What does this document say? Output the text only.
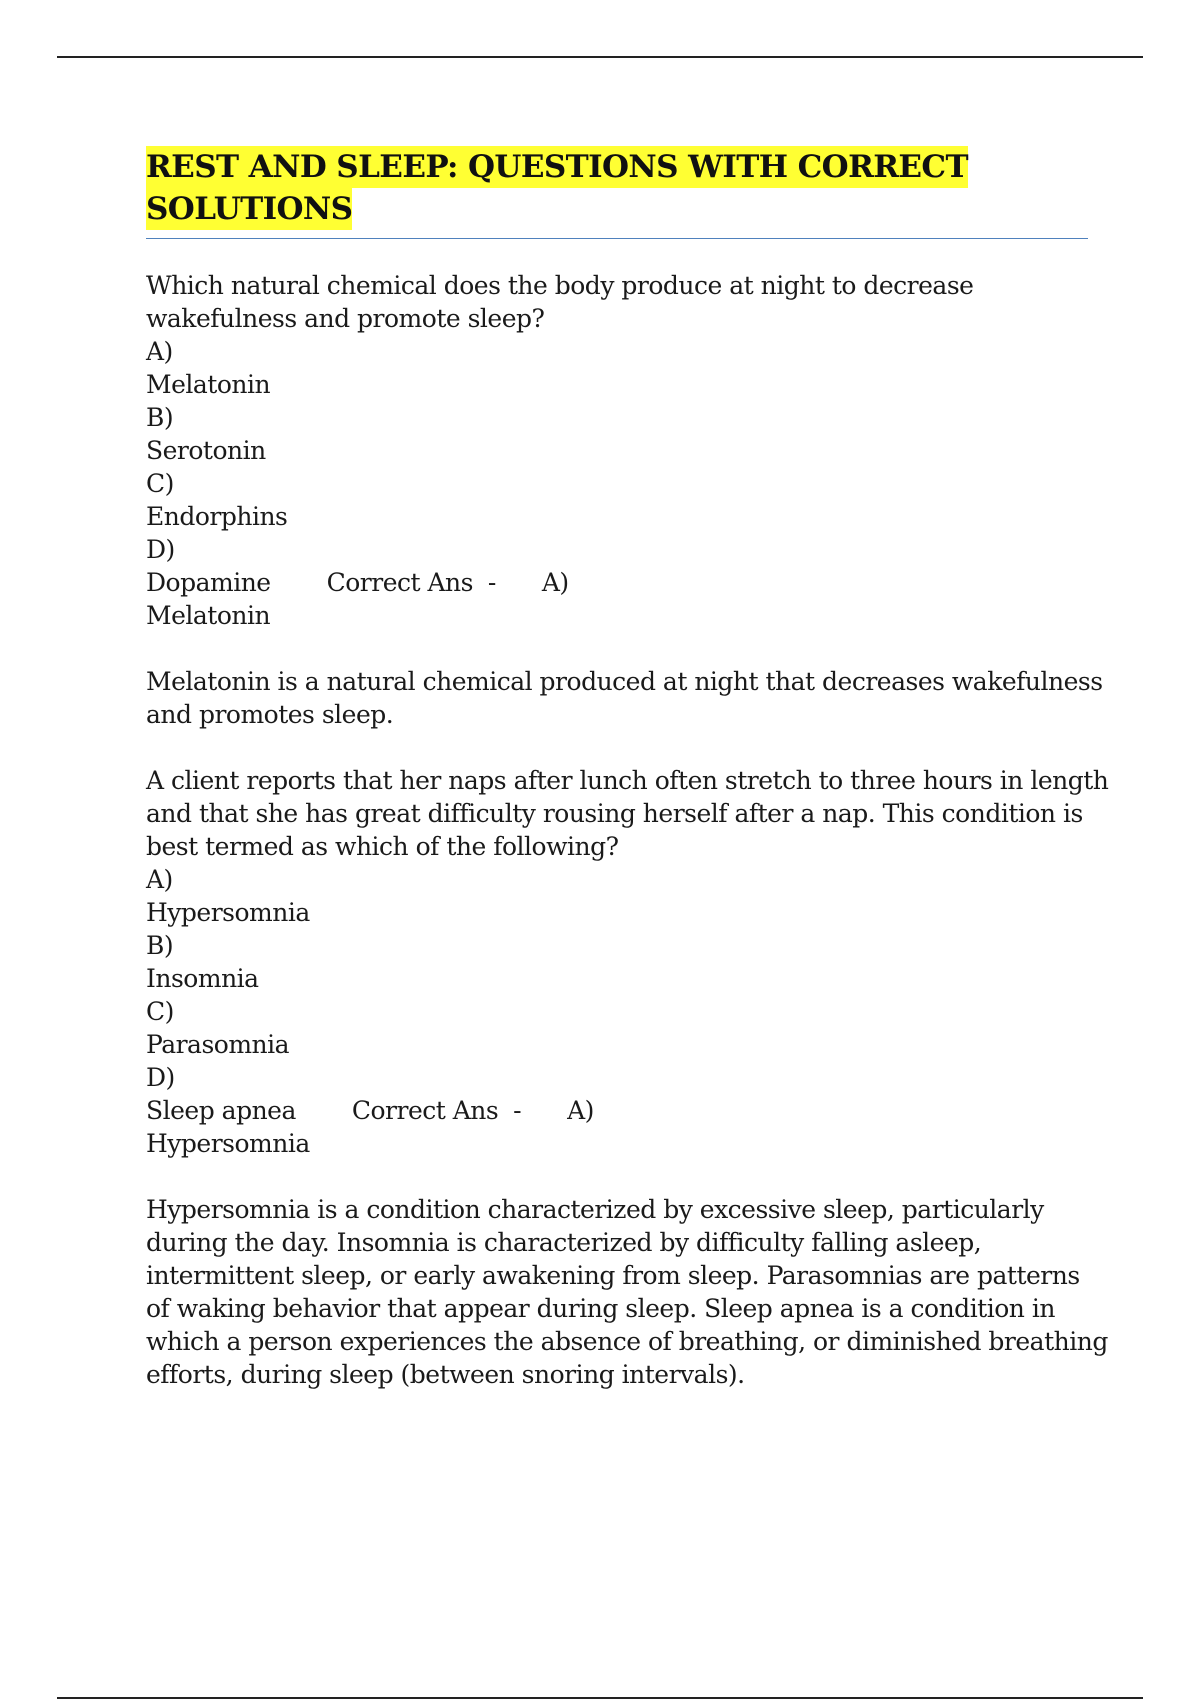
REST AND SLEEP: QUESTIONS WITH CORRECT
SOLUTIONS
Which natural chemical does the body produce at night to decrease
wakefulness and promote sleep?
A)
Melatonin
B)
Serotonin
C)
Endorphins
D)
Dopamine Correct Ans  - A)
Melatonin
Melatonin is a natural chemical produced at night that decreases wakefulness
and promotes sleep.
A client reports that her naps after lunch often stretch to three hours in length
and that she has great difficulty rousing herself after a nap. This condition is
best termed as which of the following?
A)
Hypersomnia
B)
Insomnia
C)
Parasomnia
D)
Sleep apnea Correct Ans  - A)
Hypersomnia
Hypersomnia is a condition characterized by excessive sleep, particularly
during the day. Insomnia is characterized by difficulty falling asleep,
intermittent sleep, or early awakening from sleep. Parasomnias are patterns
of waking behavior that appear during sleep. Sleep apnea is a condition in
which a person experiences the absence of breathing, or diminished breathing
efforts, during sleep (between snoring intervals).
